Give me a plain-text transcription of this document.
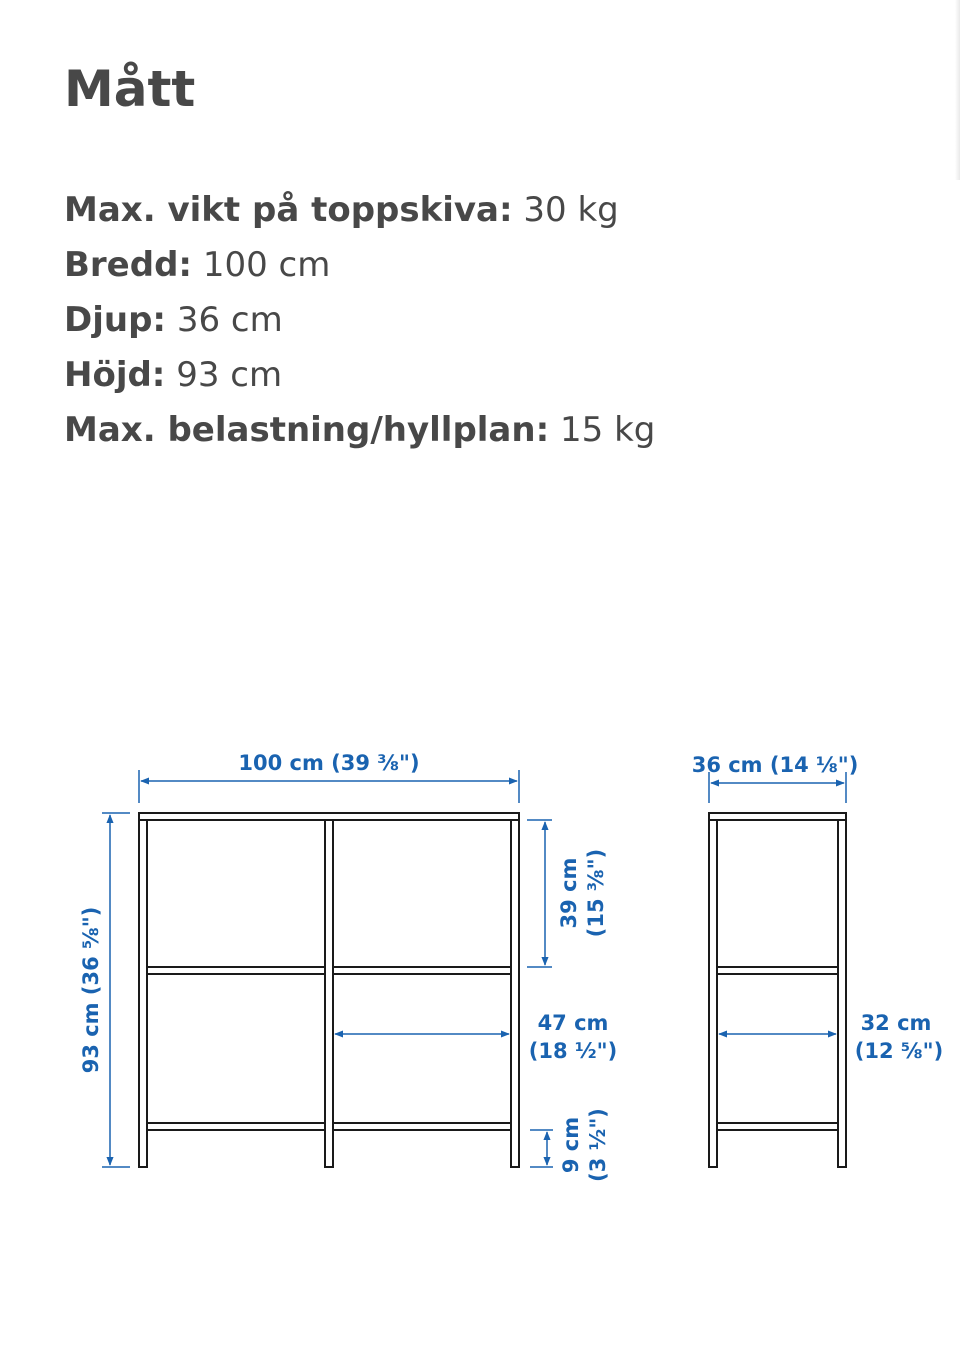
Mått
Max. vikt på toppskiva: 30 kg
Bredd: 100 cm
Djup: 36 cm
Höjd: 93 cm
Max. belastning/hyllplan: 15 kg
100 cm (39 ⅜")
93 cm (36 ⅝")
39 cm (15 ⅜")
47 cm
(18 ½")
9 cm (3 ½")
36 cm (14 ⅛")
32 cm
(12 ⅝")
